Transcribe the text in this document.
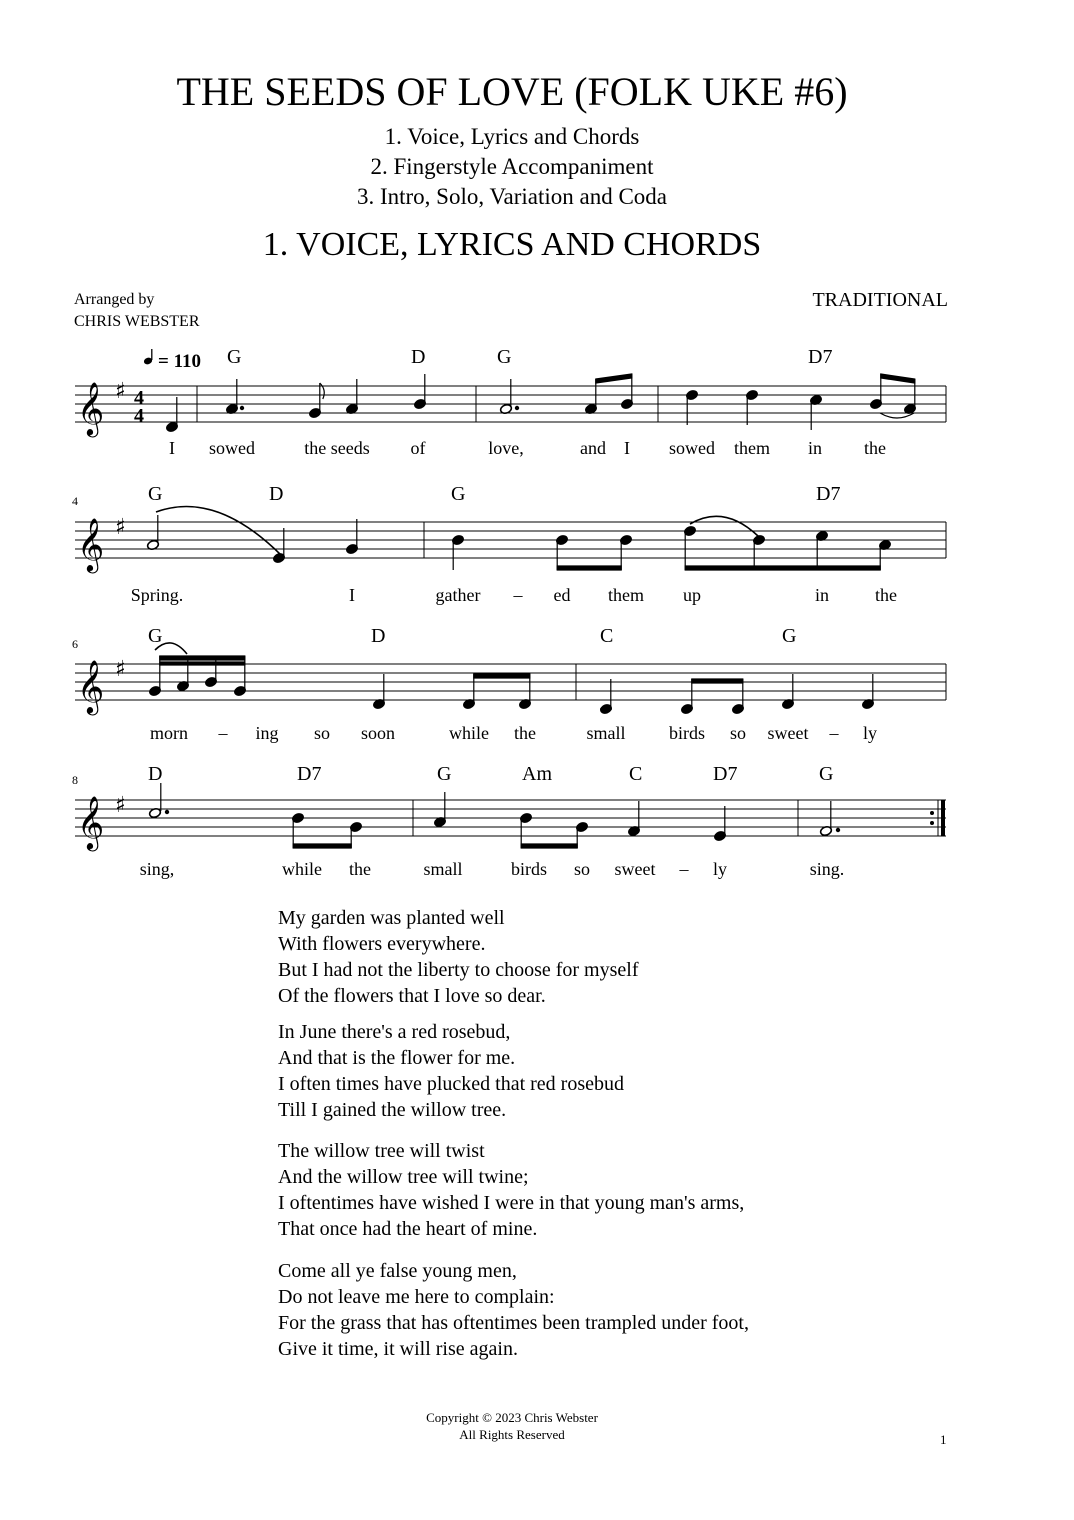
THE SEEDS OF LOVE (FOLK UKE #6)
1. Voice, Lyrics and Chords
2. Fingerstyle Accompaniment
3. Intro, Solo, Variation and Coda
1. VOICE, LYRICS AND CHORDS
Arranged by
CHRIS WEBSTER
TRADITIONAL
= 110
𝄞 ♯ 4
4
G	D	G	D7
I sowed	the seeds of	love,	and I sowed them in the
4
𝄞 ♯
G	D	G	D7
Spring.	I	gather – ed them up	in	the
6
𝄞 ♯
G	D	C	G
morn – ing so soon	while the	small birds so sweet – ly
8
𝄞 ♯
D	D7	G	Am	C	D7	G
sing,	while the	small	birds so sweet – ly	sing.
My garden was planted well
With flowers everywhere.
But I had not the liberty to choose for myself
Of the flowers that I love so dear.
In June there's a red rosebud,
And that is the flower for me.
I often times have plucked that red rosebud
Till I gained the willow tree.
The willow tree will twist
And the willow tree will twine;
I oftentimes have wished I were in that young man's arms,
That once had the heart of mine.
Come all ye false young men,
Do not leave me here to complain:
For the grass that has oftentimes been trampled under foot,
Give it time, it will rise again.
Copyright © 2023 Chris Webster
All Rights Reserved	1
